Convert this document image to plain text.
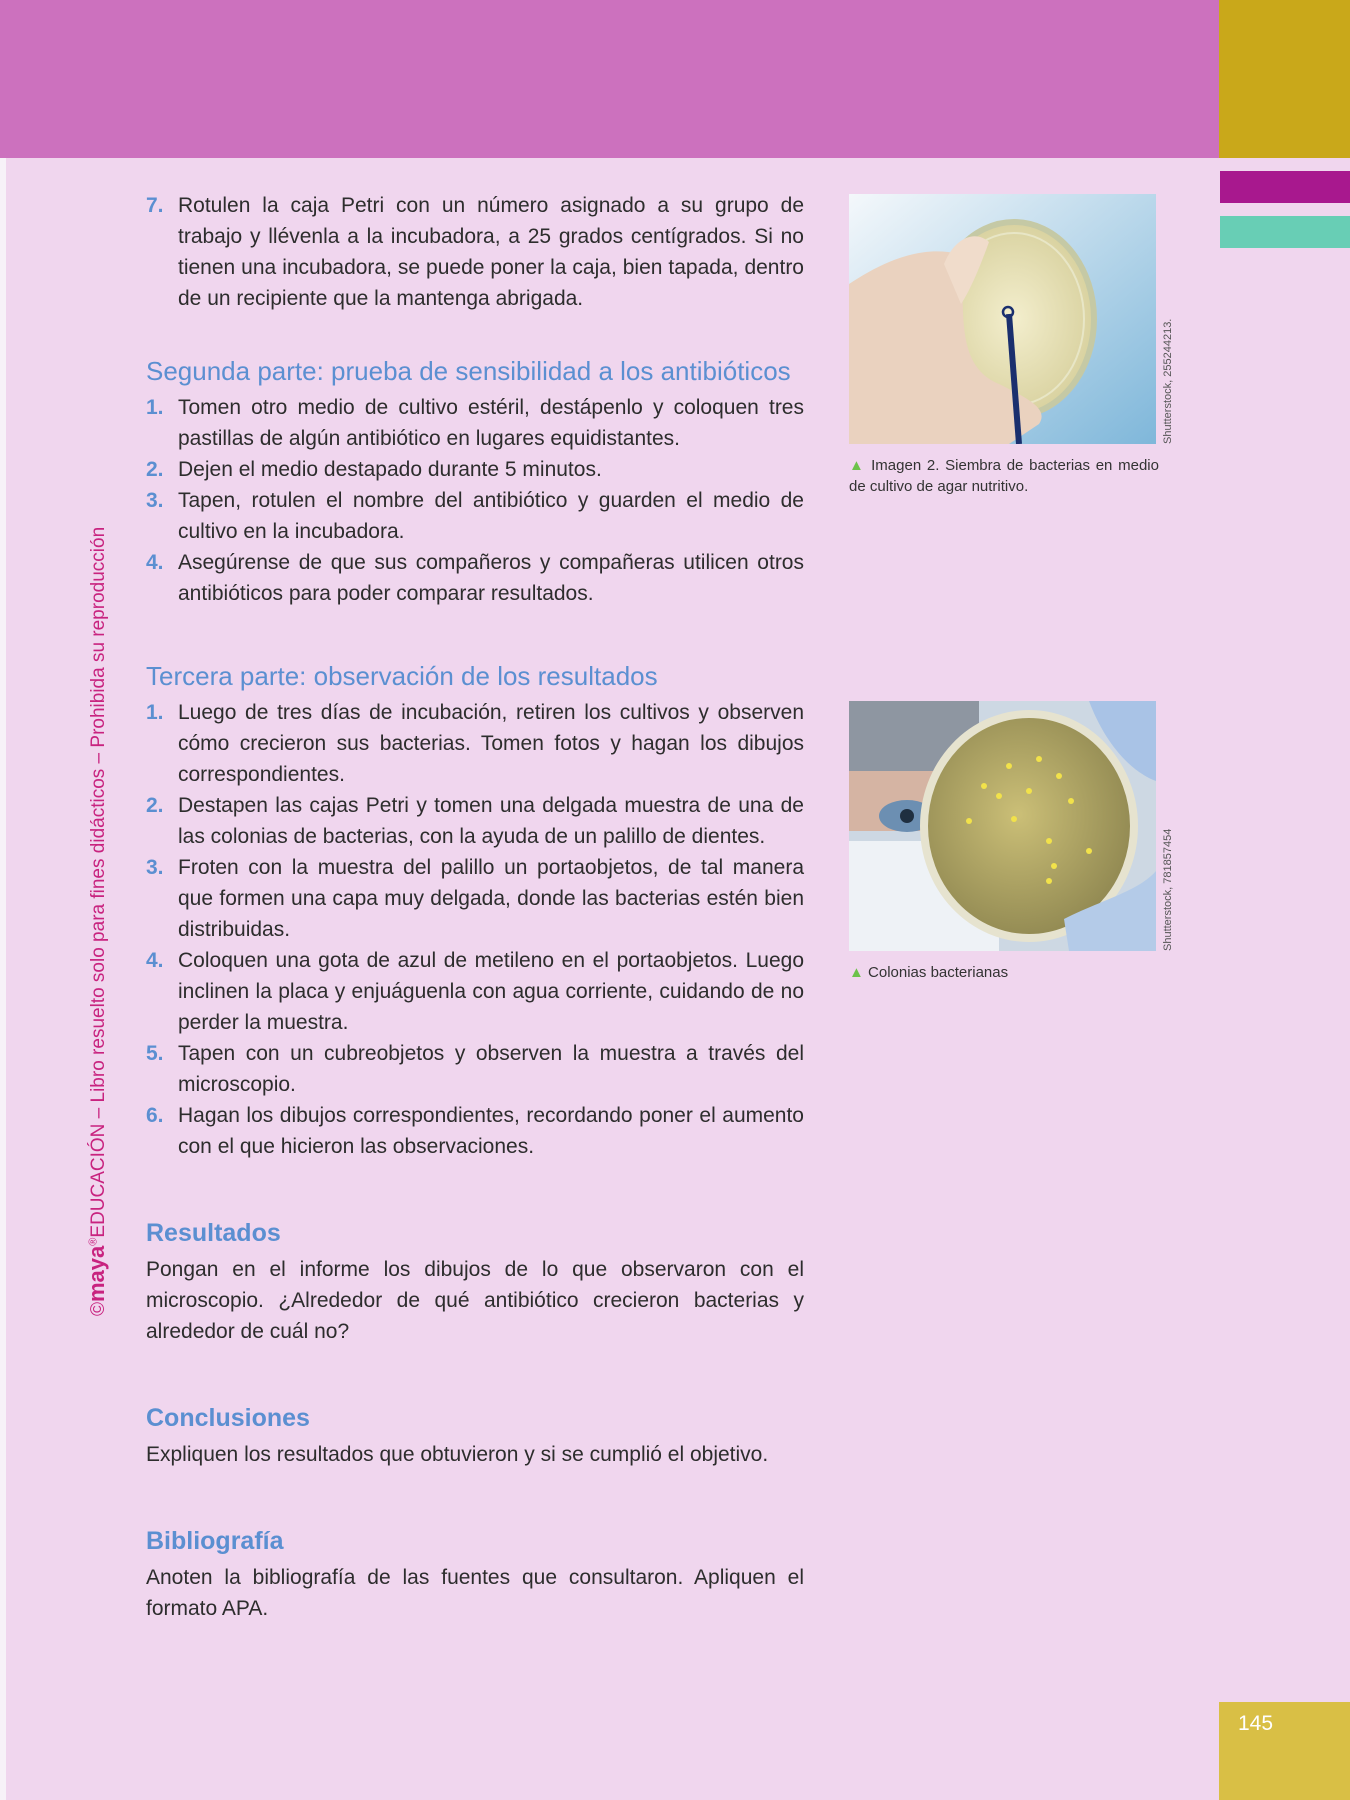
©maya®EDUCACIÓN – Libro resuelto solo para fines didácticos – Prohibida su reproducción
7. Rotulen la caja Petri con un número asignado a su grupo de trabajo y llévenla a la incubadora, a 25 grados centígrados. Si no tienen una incubadora, se puede poner la caja, bien tapada, dentro de un recipiente que la mantenga abrigada.
Segunda parte: prueba de sensibilidad a los antibióticos
1. Tomen otro medio de cultivo estéril, destápenlo y coloquen tres pastillas de algún antibiótico en lugares equidistantes.
2. Dejen el medio destapado durante 5 minutos.
3. Tapen, rotulen el nombre del antibiótico y guarden el medio de cultivo en la incubadora.
4. Asegúrense de que sus compañeros y compañeras utilicen otros antibióticos para poder comparar resultados.
Tercera parte: observación de los resultados
1. Luego de tres días de incubación, retiren los cultivos y observen cómo crecieron sus bacterias. Tomen fotos y hagan los dibujos correspondientes.
2. Destapen las cajas Petri y tomen una delgada muestra de una de las colonias de bacterias, con la ayuda de un palillo de dientes.
3. Froten con la muestra del palillo un portaobjetos, de tal manera que formen una capa muy delgada, donde las bacterias estén bien distribuidas.
4. Coloquen una gota de azul de metileno en el portaobjetos. Luego inclinen la placa y enjuáguenla con agua corriente, cuidando de no perder la muestra.
5. Tapen con un cubreobjetos y observen la muestra a través del microscopio.
6. Hagan los dibujos correspondientes, recordando poner el aumento con el que hicieron las observaciones.
Resultados
Pongan en el informe los dibujos de lo que observaron con el microscopio. ¿Alrededor de qué antibiótico crecieron bacterias y alrededor de cuál no?
Conclusiones
Expliquen los resultados que obtuvieron y si se cumplió el objetivo.
Bibliografía
Anoten la bibliografía de las fuentes que consultaron. Apliquen el formato APA.
Shutterstock, 255244213.
▲ Imagen 2. Siembra de bacterias en medio de cultivo de agar nutritivo.
Shutterstock, 781857454
▲ Colonias bacterianas
145
